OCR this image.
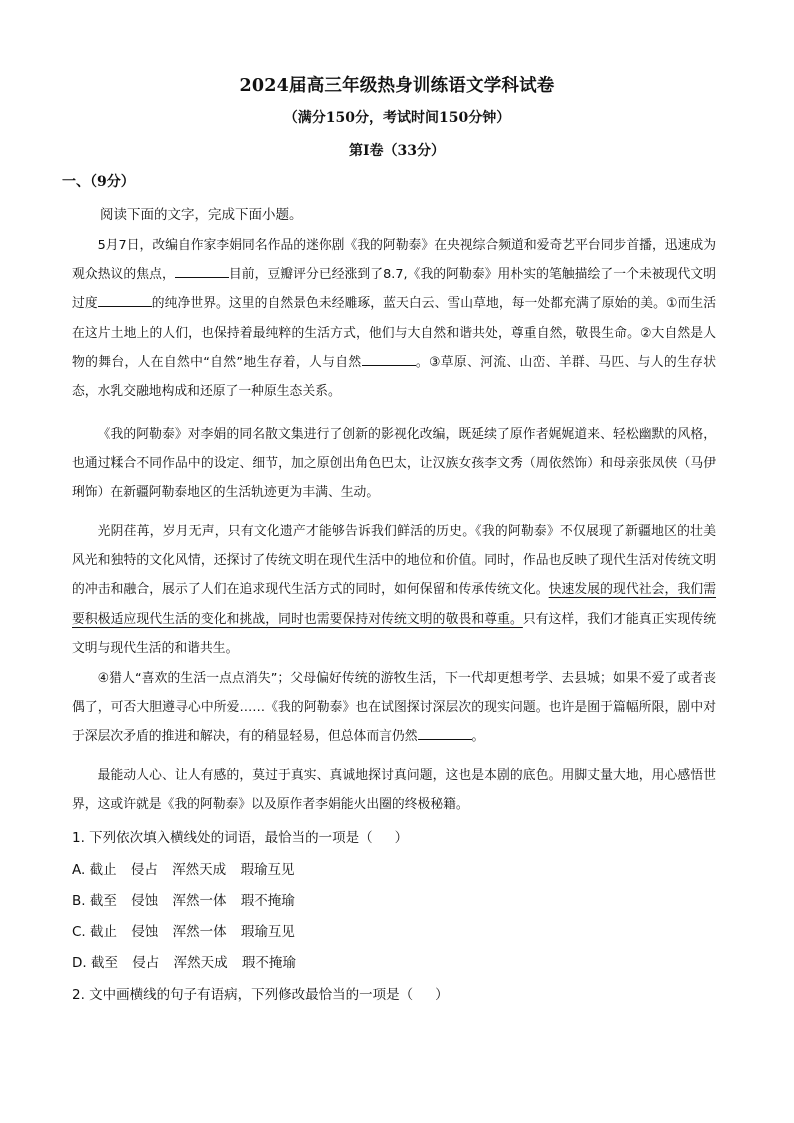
2024届高三年级热身训练语文学科试卷
（满分150分，考试时间150分钟）
第Ⅰ卷（33分）
一、（9分）
阅读下面的文字，完成下面小题。

5月7日，改编自作家李娟同名作品的迷你剧《我的阿勒泰》在央视综合频道和爱奇艺平台同步首播，迅速成为观众热议的焦点，	目前，豆瓣评分已经涨到了8.7,《我的阿勒泰》用朴实的笔触描绘了一个未被现代文明过度	的纯净世界。这里的自然景色未经雕琢，蓝天白云、雪山草地，每一处都充满了原始的美。①而生活在这片土地上的人们，也保持着最纯粹的生活方式，他们与大自然和谐共处，尊重自然，敬畏生命。②大自然是人物的舞台，人在自然中“自然”地生存着，人与自然	。③草原、河流、山峦、羊群、马匹、与人的生存状态，水乳交融地构成和还原了一种原生态关系。

《我的阿勒泰》对李娟的同名散文集进行了创新的影视化改编，既延续了原作者娓娓道来、轻松幽默的风格，也通过糅合不同作品中的设定、细节，加之原创出角色巴太，让汉族女孩李文秀（周依然饰）和母亲张凤侠（马伊琍饰）在新疆阿勒泰地区的生活轨迹更为丰满、生动。

光阴荏苒，岁月无声，只有文化遗产才能够告诉我们鲜活的历史。《我的阿勒泰》不仅展现了新疆地区的壮美风光和独特的文化风情，还探讨了传统文明在现代生活中的地位和价值。同时，作品也反映了现代生活对传统文明的冲击和融合，展示了人们在追求现代生活方式的同时，如何保留和传承传统文化。快速发展的现代社会，我们需要积极适应现代生活的变化和挑战，同时也需要保持对传统文明的敬畏和尊重。只有这样，我们才能真正实现传统文明与现代生活的和谐共生。

④猎人“喜欢的生活一点点消失”；父母偏好传统的游牧生活，下一代却更想考学、去县城；如果不爱了或者丧偶了，可否大胆遵寻心中所爱……《我的阿勒泰》也在试图探讨深层次的现实问题。也许是囿于篇幅所限，剧中对于深层次矛盾的推进和解决，有的稍显轻易，但总体而言仍然	。

最能动人心、让人有感的，莫过于真实、真诚地探讨真问题，这也是本剧的底色。用脚丈量大地，用心感悟世界，这或许就是《我的阿勒泰》以及原作者李娟能火出圈的终极秘籍。

1. 下列依次填入横线处的词语，最恰当的一项是（ ）
A. 截止 侵占 浑然天成 瑕瑜互见
B. 截至 侵蚀 浑然一体 瑕不掩瑜
C. 截止 侵蚀 浑然一体 瑕瑜互见
D. 截至 侵占 浑然天成 瑕不掩瑜
2. 文中画横线的句子有语病，下列修改最恰当的一项是（ ）
